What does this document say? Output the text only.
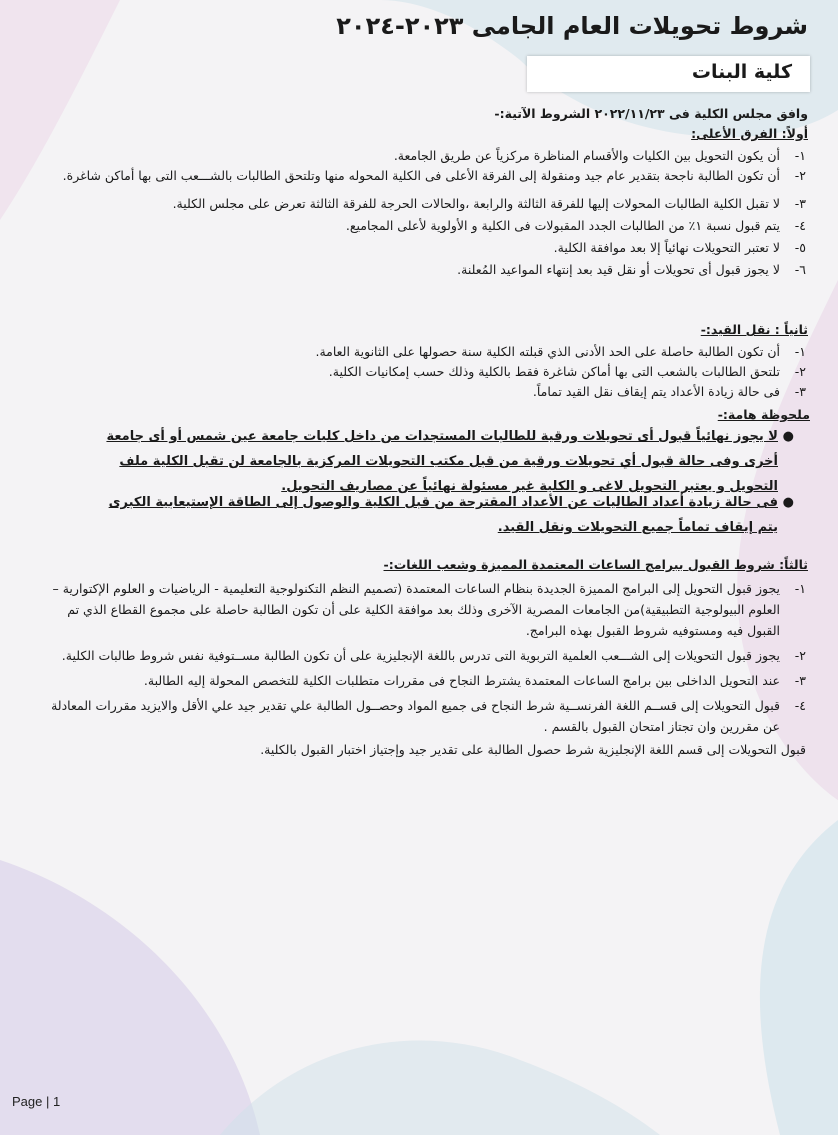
شروط تحويلات العام الجامى ٢٠٢٣-٢٠٢٤
كلية البنات
وافق مجلس الكلية فى ٢٠٢٢/١١/٢٣ الشروط الآتية:-
أولاً: الفرق الأعلى:
١-
أن يكون التحويل بين الكليات والأقسام المناظرة مركزياً عن طريق الجامعة.
٢-
أن تكون الطالبة ناجحة بتقدير عام جيد ومنقولة إلى الفرقة الأعلى فى الكلية المحوله منها وتلتحق الطالبات بالشـــعب التى بها أماكن شاغرة.
٣-
لا تقبل الكلية الطالبات المحولات إليها للفرقة الثالثة والرابعة ،والحالات الحرجة للفرقة الثالثة تعرض على مجلس الكلية.
٤-
يتم قبول نسبة ١٪ من الطالبات الجدد المقبولات فى الكلية و الأولوية لأعلى المجاميع.
٥-
لا تعتبر التحويلات نهائياً إلا بعد موافقة الكلية.
٦-
لا يجوز قبول أى تحويلات أو نقل قيد بعد إنتهاء المواعيد المُعلنة.
ثانياً : نقل القيد:-
١-
أن تكون الطالبة حاصلة على الحد الأدنى الذي قبلته الكلية سنة حصولها على الثانوية العامة.
٢-
تلتحق الطالبات بالشعب التى بها أماكن شاغرة فقط بالكلية وذلك حسب إمكانيات الكلية.
٣-
فى حالة زيادة الأعداد يتم إيقاف نقل القيد تماماً.
ملحوظة هامة:-
●
لا يجوز نهائياً قبول أى تحويلات ورقية للطالبات المستجدات من داخل كليات جامعة عين شمس أو أى جامعة أخرى وفى حالة قبول أي تحويلات ورقية من قبل مكتب التحويلات المركزية بالجامعة لن تقبل الكلية ملف التحويل و يعتبر التحويل لاغى و الكلية غير مسئولة نهائياً عن مصاريف التحويل.
●
فى حالة زيادة أعداد الطاليات عن الأعداد المقترحة من قبل الكلية والوصول إلى الطاقة الإستيعابية الكبرى يتم إيقاف تماماً جميع التحويلات ونقل القيد.
ثالثاً: شروط القبول ببرامج الساعات المعتمدة المميزة وشعب اللغات:-
١-
يجوز قبول التحويل إلى البرامج المميزة الجديدة بنظام الساعات المعتمدة (تصميم النظم التكنولوجية التعليمية - الرياضيات و العلوم الإكتوارية – العلوم البيولوجية التطبيقية)من الجامعات المصرية الآخرى وذلك بعد موافقة الكلية على أن تكون الطالبة حاصلة على مجموع القطاع الذي تم القبول فيه ومستوفيه شروط القبول بهذه البرامج.
٢-
يجوز قبول التحويلات إلى الشـــعب العلمية التربوية التى تدرس باللغة الإنجليزية على أن تكون الطالبة مســتوفية نفس شروط طالبات الكلية.
٣-
عند التحويل الداخلى بين برامج الساعات المعتمدة يشترط النجاح فى مقررات متطلبات الكلية للتخصص المحولة إليه الطالبة.
٤-
قبول التحويلات إلى قســم اللغة الفرنســية شرط النجاح فى جميع المواد وحصــول الطالبة علي تقدير جيد علي الأقل والايزيد مقررات المعادلة عن مقررين وان تجتاز امتحان القبول بالقسم .
قبول التحويلات إلى قسم اللغة الإنجليزية شرط حصول الطالبة على تقدير جيد وإجتياز اختبار القبول بالكلية.
Page | 1
